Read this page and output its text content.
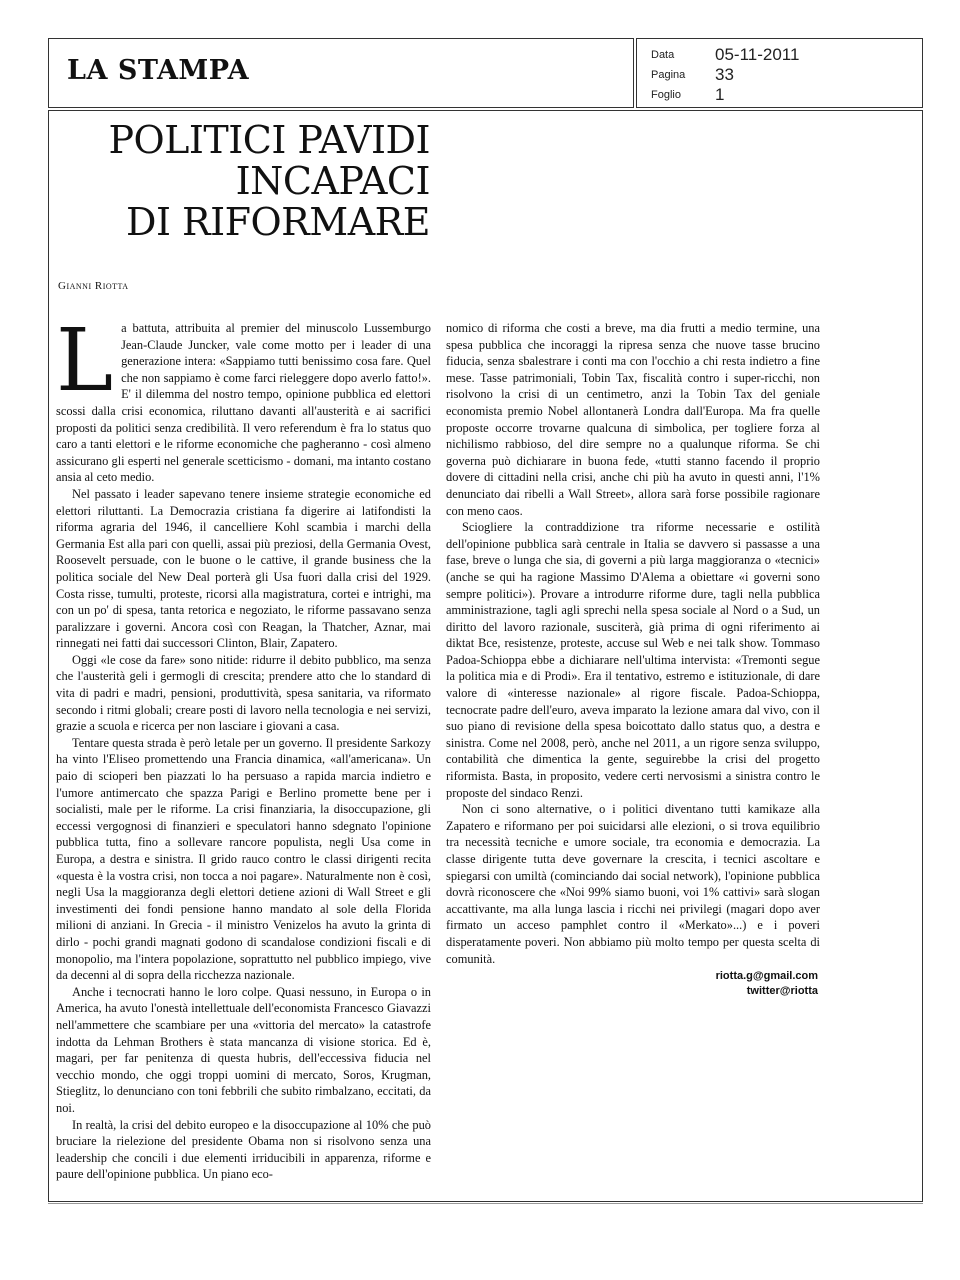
LA STAMPA	Data	05-11-2011
Pagina	33
Foglio	1
POLITICI PAVIDI
INCAPACI
DI RIFORMARE
Gianni Riotta

La battuta, attribuita al premier del minuscolo Lussemburgo Jean-Claude Juncker, vale come motto per i leader di una generazione intera: «Sappiamo tutti benissimo cosa fare. Quel che non sappiamo è come farci rieleggere dopo averlo fatto!». E' il dilemma del nostro tempo, opinione pubblica ed elettori scossi dalla crisi economica, riluttano davanti all'austerità e ai sacrifici proposti da politici senza credibilità. Il vero referendum è fra lo status quo caro a tanti elettori e le riforme economiche che pagheranno - così almeno assicurano gli esperti nel generale scetticismo - domani, ma intanto costano ansia al ceto medio.

Nel passato i leader sapevano tenere insieme strategie economiche ed elettori riluttanti. La Democrazia cristiana fa digerire ai latifondisti la riforma agraria del 1946, il cancelliere Kohl scambia i marchi della Germania Est alla pari con quelli, assai più preziosi, della Germania Ovest, Roosevelt persuade, con le buone o le cattive, il grande business che la politica sociale del New Deal porterà gli Usa fuori dalla crisi del 1929. Costa risse, tumulti, proteste, ricorsi alla magistratura, cortei e intrighi, ma con un po' di spesa, tanta retorica e negoziato, le riforme passavano senza paralizzare i governi. Ancora così con Reagan, la Thatcher, Aznar, mai rinnegati nei fatti dai successori Clinton, Blair, Zapatero.

Oggi «le cose da fare» sono nitide: ridurre il debito pubblico, ma senza che l'austerità geli i germogli di crescita; prendere atto che lo standard di vita di padri e madri, pensioni, produttività, spesa sanitaria, va riformato secondo i ritmi globali; creare posti di lavoro nella tecnologia e nei servizi, grazie a scuola e ricerca per non lasciare i giovani a casa.

Tentare questa strada è però letale per un governo. Il presidente Sarkozy ha vinto l'Eliseo promettendo una Francia dinamica, «all'americana». Un paio di scioperi ben piazzati lo ha persuaso a rapida marcia indietro e l'umore antimercato che spazza Parigi e Berlino promette bene per i socialisti, male per le riforme. La crisi finanziaria, la disoccupazione, gli eccessi vergognosi di finanzieri e speculatori hanno sdegnato l'opinione pubblica tutta, fino a sollevare rancore populista, negli Usa come in Europa, a destra e sinistra. Il grido rauco contro le classi dirigenti recita «questa è la vostra crisi, non tocca a noi pagare». Naturalmente non è così, negli Usa la maggioranza degli elettori detiene azioni di Wall Street e gli investimenti dei fondi pensione hanno mandato al sole della Florida milioni di anziani. In Grecia - il ministro Venizelos ha avuto la grinta di dirlo - pochi grandi magnati godono di scandalose condizioni fiscali e di monopolio, ma l'intera popolazione, soprattutto nel pubblico impiego, vive da decenni al di sopra della ricchezza nazionale.

Anche i tecnocrati hanno le loro colpe. Quasi nessuno, in Europa o in America, ha avuto l'onestà intellettuale dell'economista Francesco Giavazzi nell'ammettere che scambiare per una «vittoria del mercato» la catastrofe indotta da Lehman Brothers è stata mancanza di visione storica. Ed è, magari, per far penitenza di questa hubris, dell'eccessiva fiducia nel vecchio mondo, che oggi troppi uomini di mercato, Soros, Krugman, Stieglitz, lo denunciano con toni febbrili che subito rimbalzano, eccitati, da noi.

In realtà, la crisi del debito europeo e la disoccupazione al 10% che può bruciare la rielezione del presidente Obama non si risolvono senza una leadership che concili i due elementi irriducibili in apparenza, riforme e paure dell'opinione pubblica. Un piano eco-

nomico di riforma che costi a breve, ma dia frutti a medio termine, una spesa pubblica che incoraggi la ripresa senza che nuove tasse brucino fiducia, senza sbalestrare i conti ma con l'occhio a chi resta indietro a fine mese. Tasse patrimoniali, Tobin Tax, fiscalità contro i super-ricchi, non risolvono la crisi di un centimetro, anzi la Tobin Tax del geniale economista premio Nobel allontanerà Londra dall'Europa. Ma fra quelle proposte occorre trovarne qualcuna di simbolica, per togliere forza al nichilismo rabbioso, del dire sempre no a qualunque riforma. Se chi governa può dichiarare in buona fede, «tutti stanno facendo il proprio dovere di cittadini nella crisi, anche chi più ha avuto in questi anni, l'1% denunciato dai ribelli a Wall Street», allora sarà forse possibile ragionare con meno caos.

Sciogliere la contraddizione tra riforme necessarie e ostilità dell'opinione pubblica sarà centrale in Italia se davvero si passasse a una fase, breve o lunga che sia, di governi a più larga maggioranza o «tecnici» (anche se qui ha ragione Massimo D'Alema a obiettare «i governi sono sempre politici»). Provare a introdurre riforme dure, tagli nella pubblica amministrazione, tagli agli sprechi nella spesa sociale al Nord o a Sud, un diritto del lavoro razionale, susciterà, già prima di ogni riferimento ai diktat Bce, resistenze, proteste, accuse sul Web e nei talk show. Tommaso Padoa-Schioppa ebbe a dichiarare nell'ultima intervista: «Tremonti segue la politica mia e di Prodi». Era il tentativo, estremo e istituzionale, di dare valore di «interesse nazionale» al rigore fiscale. Padoa-Schioppa, tecnocrate padre dell'euro, aveva imparato la lezione amara dal vivo, con il suo piano di revisione della spesa boicottato dallo status quo, a destra e sinistra. Come nel 2008, però, anche nel 2011, a un rigore senza sviluppo, contabilità che dimentica la gente, seguirebbe la crisi del progetto riformista. Basta, in proposito, vedere certi nervosismi a sinistra contro le proposte del sindaco Renzi.

Non ci sono alternative, o i politici diventano tutti kamikaze alla Zapatero e riformano per poi suicidarsi alle elezioni, o si trova equilibrio tra necessità tecniche e umore sociale, tra economia e democrazia. La classe dirigente tutta deve governare la crescita, i tecnici ascoltare e spiegarsi con umiltà (cominciando dai social network), l'opinione pubblica dovrà riconoscere che «Noi 99% siamo buoni, voi 1% cattivi» sarà slogan accattivante, ma alla lunga lascia i ricchi nei privilegi (magari dopo aver firmato un acceso pamphlet contro il «Merkato»...) e i poveri disperatamente poveri. Non abbiamo più molto tempo per questa scelta di comunità.

riotta.g@gmail.com
twitter@riotta
